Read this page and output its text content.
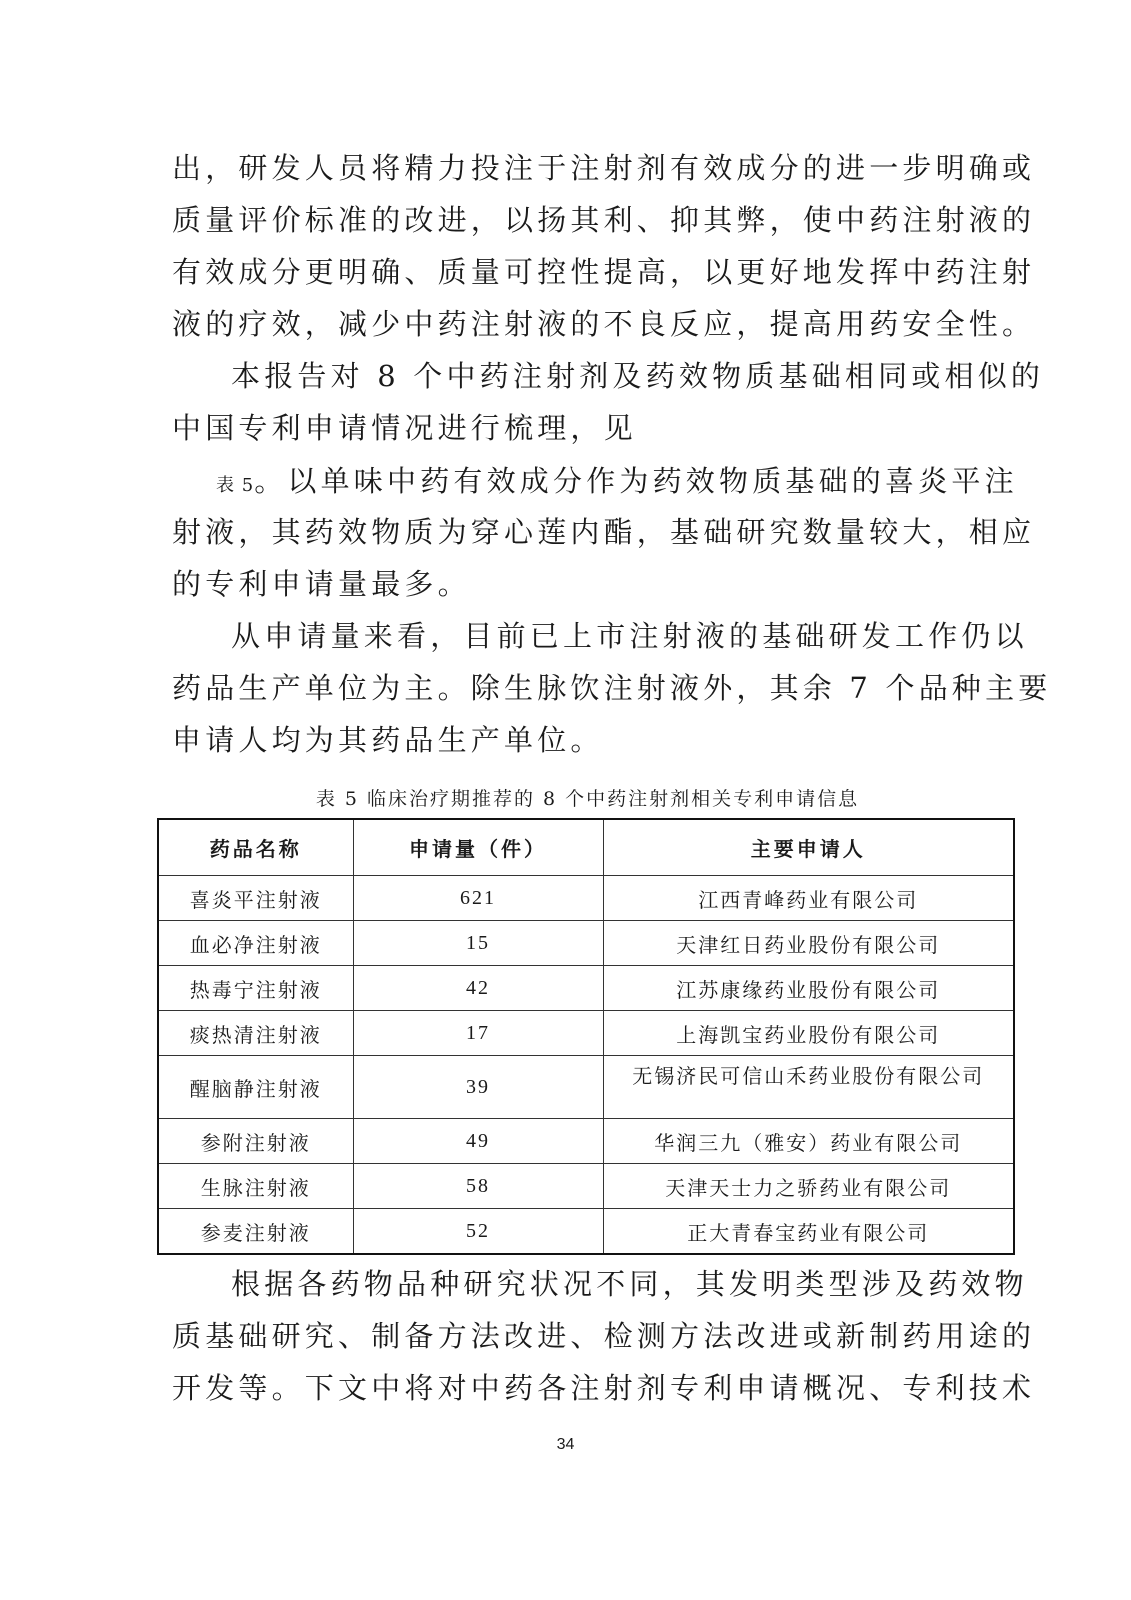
出，研发人员将精力投注于注射剂有效成分的进一步明确或
质量评价标准的改进，以扬其利、抑其弊，使中药注射液的
有效成分更明确、质量可控性提高，以更好地发挥中药注射
液的疗效，减少中药注射液的不良反应，提高用药安全性。
本报告对 8 个中药注射剂及药效物质基础相同或相似的
中国专利申请情况进行梳理，见
表 5。以单味中药有效成分作为药效物质基础的喜炎平注
射液，其药效物质为穿心莲内酯，基础研究数量较大，相应
的专利申请量最多。
从申请量来看，目前已上市注射液的基础研发工作仍以
药品生产单位为主。除生脉饮注射液外，其余 7 个品种主要
申请人均为其药品生产单位。
表 5 临床治疗期推荐的 8 个中药注射剂相关专利申请信息
药品名称	申请量（件）	主要申请人
喜炎平注射液	621	江西青峰药业有限公司
血必净注射液	15	天津红日药业股份有限公司
热毒宁注射液	42	江苏康缘药业股份有限公司
痰热清注射液	17	上海凯宝药业股份有限公司
醒脑静注射液	39	无锡济民可信山禾药业股份有限公司
参附注射液	49	华润三九（雅安）药业有限公司
生脉注射液	58	天津天士力之骄药业有限公司
参麦注射液	52	正大青春宝药业有限公司
根据各药物品种研究状况不同，其发明类型涉及药效物
质基础研究、制备方法改进、检测方法改进或新制药用途的
开发等。下文中将对中药各注射剂专利申请概况、专利技术
34
